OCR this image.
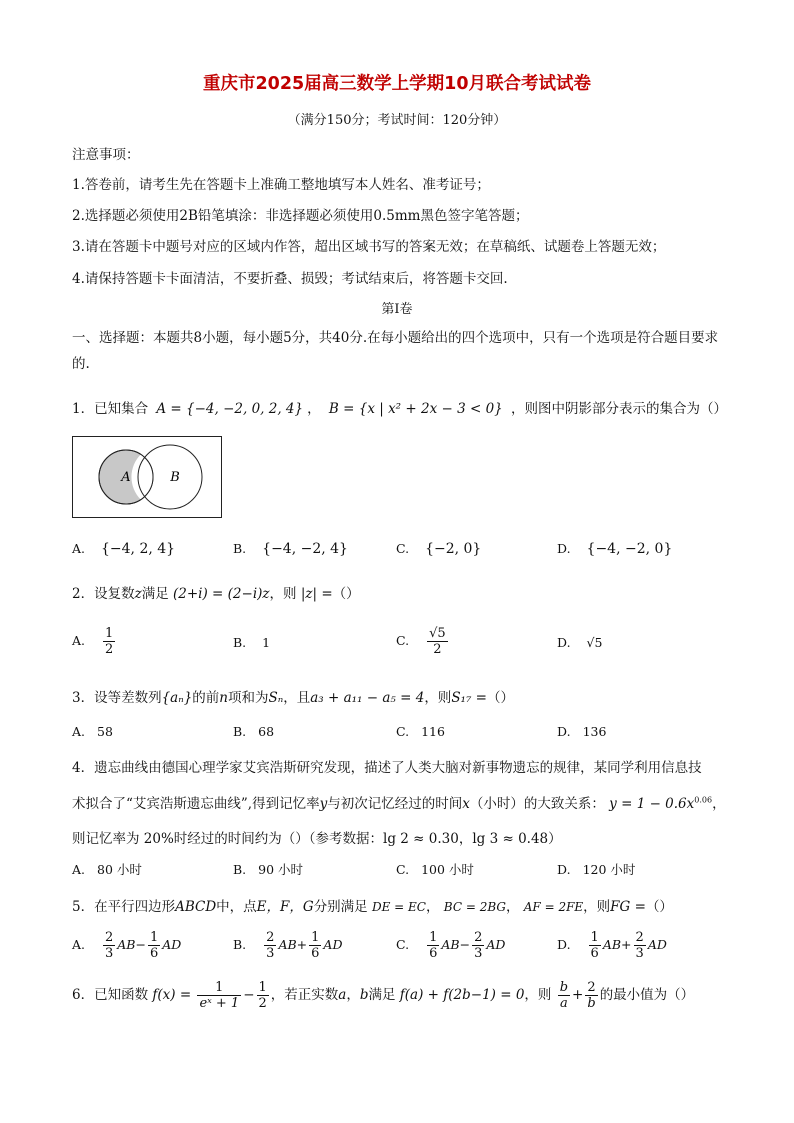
重庆市2025届高三数学上学期10月联合考试试卷
（满分150分；考试时间：120分钟）
注意事项：
1.答卷前，请考生先在答题卡上准确工整地填写本人姓名、准考证号；
2.选择题必须使用2B铅笔填涂：非选择题必须使用0.5mm黑色签字笔答题；
3.请在答题卡中题号对应的区域内作答，超出区域书写的答案无效；在草稿纸、试题卷上答题无效；
4.请保持答题卡卡面清洁，不要折叠、损毁；考试结束后，将答题卡交回.
第I卷
一、选择题：本题共8小题，每小题5分，共40分.在每小题给出的四个选项中，只有一个选项是符合题目要求的.
1．已知集合 A = {−4, −2, 0, 2, 4} ， B = {x | x² + 2x − 3 < 0} ，则图中阴影部分表示的集合为（）
A	B
A. {−4, 2, 4}	B. {−4, −2, 4}	C. {−2, 0}	D. {−4, −2, 0}
2．设复数z满足 (2+i) = (2−i)z，则 |z| =（）
A. $\frac{1}{2}$	B. 1	C. $\frac{√5}{2}$	D. √5
3．设等差数列{aₙ}的前n项和为Sₙ，且a₃ + a₁₁ − a₅ = 4，则S₁₇ =（）
A. 58	B. 68	C. 116	D. 136
4．遗忘曲线由德国心理学家艾宾浩斯研究发现，描述了人类大脑对新事物遗忘的规律，某同学利用信息技
术拟合了“艾宾浩斯遗忘曲线”,得到记忆率y与初次记忆经过的时间x（小时）的大致关系： $y = 1 - 0.6x^{0.06}$，
则记忆率为 20%时经过的时间约为（）（参考数据：lg 2 ≈ 0.30，lg 3 ≈ 0.48）
A. 80 小时	B. 90 小时	C. 100 小时	D. 120 小时
5．在平行四边形ABCD中，点E，F，G分别满足 DE = EC， BC = 2BG， AF = 2FE，则FG =（）
A. $\frac{2}{3} AB- \frac{1}{6}$ AD	B. $\frac{2}{3} AB+ \frac{1}{6}$ AD	C. $\frac{1}{6} AB- \frac{2}{3}$ AD	D. $\frac{1}{6} AB+ \frac{2}{3}$ AD
6．已知函数 $f(x) = \frac{1}{\text{eˣ + 1}} - \frac{1}{2}$ ，若正实数a，b满足 f(a) + f(2b−1) = 0，则 $\frac{b}{a} + \frac{2}{b}$ 的最小值为（）
